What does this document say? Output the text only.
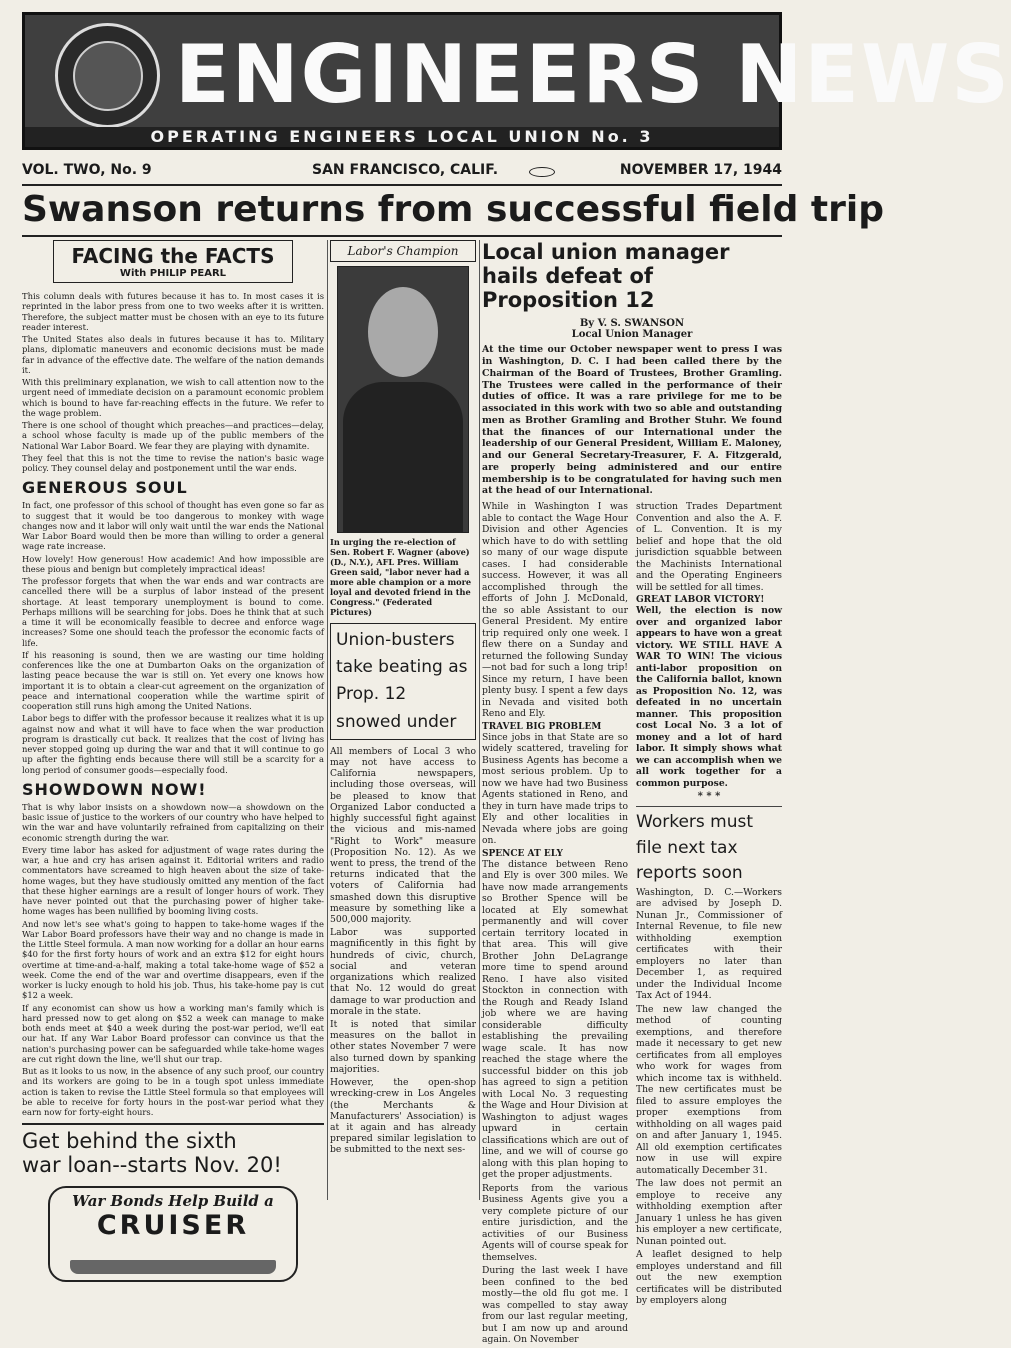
ENGINEERS NEWS
OPERATING ENGINEERS LOCAL UNION No. 3
VOL. TWO, No. 9	SAN FRANCISCO, CALIF.	NOVEMBER 17, 1944
Swanson returns from successful field trip
FACING the FACTS
With PHILIP PEARL

This column deals with futures because it has to. In most cases it is reprinted in the labor press from one to two weeks after it is written. Therefore, the subject matter must be chosen with an eye to its future reader interest.

The United States also deals in futures because it has to. Military plans, diplomatic maneuvers and economic decisions must be made far in advance of the effective date. The welfare of the nation demands it.

With this preliminary explanation, we wish to call attention now to the urgent need of immediate decision on a paramount economic problem which is bound to have far-reaching effects in the future. We refer to the wage problem.

There is one school of thought which preaches—and practices—delay, a school whose faculty is made up of the public members of the National War Labor Board. We fear they are playing with dynamite.

They feel that this is not the time to revise the nation's basic wage policy. They counsel delay and postponement until the war ends.

GENEROUS SOUL

In fact, one professor of this school of thought has even gone so far as to suggest that it would be too dangerous to monkey with wage changes now and it labor will only wait until the war ends the National War Labor Board would then be more than willing to order a general wage rate increase.

How lovely! How generous! How academic! And how impossible are these pious and benign but completely impractical ideas!

The professor forgets that when the war ends and war contracts are cancelled there will be a surplus of labor instead of the present shortage. At least temporary unemployment is bound to come. Perhaps millions will be searching for jobs. Does he think that at such a time it will be economically feasible to decree and enforce wage increases? Some one should teach the professor the economic facts of life.

If his reasoning is sound, then we are wasting our time holding conferences like the one at Dumbarton Oaks on the organization of lasting peace because the war is still on. Yet every one knows how important it is to obtain a clear-cut agreement on the organization of peace and international cooperation while the wartime spirit of cooperation still runs high among the United Nations.

Labor begs to differ with the professor because it realizes what it is up against now and what it will have to face when the war production program is drastically cut back. It realizes that the cost of living has never stopped going up during the war and that it will continue to go up after the fighting ends because there will still be a scarcity for a long period of consumer goods—especially food.

SHOWDOWN NOW!

That is why labor insists on a showdown now—a showdown on the basic issue of justice to the workers of our country who have helped to win the war and have voluntarily refrained from capitalizing on their economic strength during the war.

Every time labor has asked for adjustment of wage rates during the war, a hue and cry has arisen against it. Editorial writers and radio commentators have screamed to high heaven about the size of take-home wages, but they have studiously omitted any mention of the fact that these higher earnings are a result of longer hours of work. They have never pointed out that the purchasing power of higher take-home wages has been nullified by booming living costs.

And now let's see what's going to happen to take-home wages if the War Labor Board professors have their way and no change is made in the Little Steel formula. A man now working for a dollar an hour earns $40 for the first forty hours of work and an extra $12 for eight hours overtime at time-and-a-half, making a total take-home wage of $52 a week. Come the end of the war and overtime disappears, even if the worker is lucky enough to hold his job. Thus, his take-home pay is cut $12 a week.

If any economist can show us how a working man's family which is hard pressed now to get along on $52 a week can manage to make both ends meet at $40 a week during the post-war period, we'll eat our hat. If any War Labor Board professor can convince us that the nation's purchasing power can be safeguarded while take-home wages are cut right down the line, we'll shut our trap.

But as it looks to us now, in the absence of any such proof, our country and its workers are going to be in a tough spot unless immediate action is taken to revise the Little Steel formula so that employees will be able to receive for forty hours in the post-war period what they earn now for forty-eight hours.

Get behind the sixth
war loan--starts Nov. 20!
War Bonds Help Build a
CRUISER
Labor's Champion

In urging the re-election of Sen. Robert F. Wagner (above) (D., N.Y.), AFL Pres. William Green said, "labor never had a more able champion or a more loyal and devoted friend in the Congress." (Federated Pictures)

Union-busters take beating as Prop. 12 snowed under

All members of Local 3 who may not have access to California newspapers, including those overseas, will be pleased to know that Organized Labor conducted a highly successful fight against the vicious and mis-named "Right to Work" measure (Proposition No. 12). As we went to press, the trend of the returns indicated that the voters of California had smashed down this disruptive measure by something like a 500,000 majority.

Labor was supported magnificently in this fight by hundreds of civic, church, social and veteran organizations which realized that No. 12 would do great damage to war production and morale in the state.

It is noted that similar measures on the ballot in other states November 7 were also turned down by spanking majorities.

However, the open-shop wrecking-crew in Los Angeles (the Merchants & Manufacturers' Association) is at it again and has already prepared similar legislation to be submitted to the next ses-

Local union manager hails defeat of Proposition 12
By V. S. SWANSON
Local Union Manager

At the time our October newspaper went to press I was in Washington, D. C. I had been called there by the Chairman of the Board of Trustees, Brother Gramling. The Trustees were called in the performance of their duties of office. It was a rare privilege for me to be associated in this work with two so able and outstanding men as Brother Gramling and Brother Stuhr. We found that the finances of our International under the leadership of our General President, William E. Maloney, and our General Secretary-Treasurer, F. A. Fitzgerald, are properly being administered and our entire membership is to be congratulated for having such men at the head of our International.

While in Washington I was able to contact the Wage Hour Division and other Agencies which have to do with settling so many of our wage dispute cases. I had considerable success. However, it was all accomplished through the efforts of John J. McDonald, the so able Assistant to our General President. My entire trip required only one week. I flew there on a Sunday and returned the following Sunday—not bad for such a long trip! Since my return, I have been plenty busy. I spent a few days in Nevada and visited both Reno and Ely.

TRAVEL BIG PROBLEM

Since jobs in that State are so widely scattered, traveling for Business Agents has become a most serious problem. Up to now we have had two Business Agents stationed in Reno, and they in turn have made trips to Ely and other localities in Nevada where jobs are going on.

SPENCE AT ELY

The distance between Reno and Ely is over 300 miles. We have now made arrangements so Brother Spence will be located at Ely somewhat permanently and will cover certain territory located in that area. This will give Brother John DeLagrange more time to spend around Reno. I have also visited Stockton in connection with the Rough and Ready Island job where we are having considerable difficulty establishing the prevailing wage scale. It has now reached the stage where the successful bidder on this job has agreed to sign a petition with Local No. 3 requesting the Wage and Hour Division at Washington to adjust wages upward in certain classifications which are out of line, and we will of course go along with this plan hoping to get the proper adjustments.

Reports from the various Business Agents give you a very complete picture of our entire jurisdiction, and the activities of our Business Agents will of course speak for themselves.

During the last week I have been confined to the bed mostly—the old flu got me. I was compelled to stay away from our last regular meeting, but I am now up and around again. On November

struction Trades Department Convention and also the A. F. of L. Convention. It is my belief and hope that the old jurisdiction squabble between the Machinists International and the Operating Engineers will be settled for all times.

GREAT LABOR VICTORY!

Well, the election is now over and organized labor appears to have won a great victory. WE STILL HAVE A WAR TO WIN! The vicious anti-labor proposition on the California ballot, known as Proposition No. 12, was defeated in no uncertain manner. This proposition cost Local No. 3 a lot of money and a lot of hard labor. It simply shows what we can accomplish when we all work together for a common purpose.

* * *
Workers must file next tax reports soon

Washington, D. C.—Workers are advised by Joseph D. Nunan Jr., Commissioner of Internal Revenue, to file new withholding exemption certificates with their employers no later than December 1, as required under the Individual Income Tax Act of 1944.

The new law changed the method of counting exemptions, and therefore made it necessary to get new certificates from all employes who work for wages from which income tax is withheld. The new certificates must be filed to assure employes the proper exemptions from withholding on all wages paid on and after January 1, 1945. All old exemption certificates now in use will expire automatically December 31.

The law does not permit an employe to receive any withholding exemption after January 1 unless he has given his employer a new certificate, Nunan pointed out.

A leaflet designed to help employes understand and fill out the new exemption certificates will be distributed by employers along
